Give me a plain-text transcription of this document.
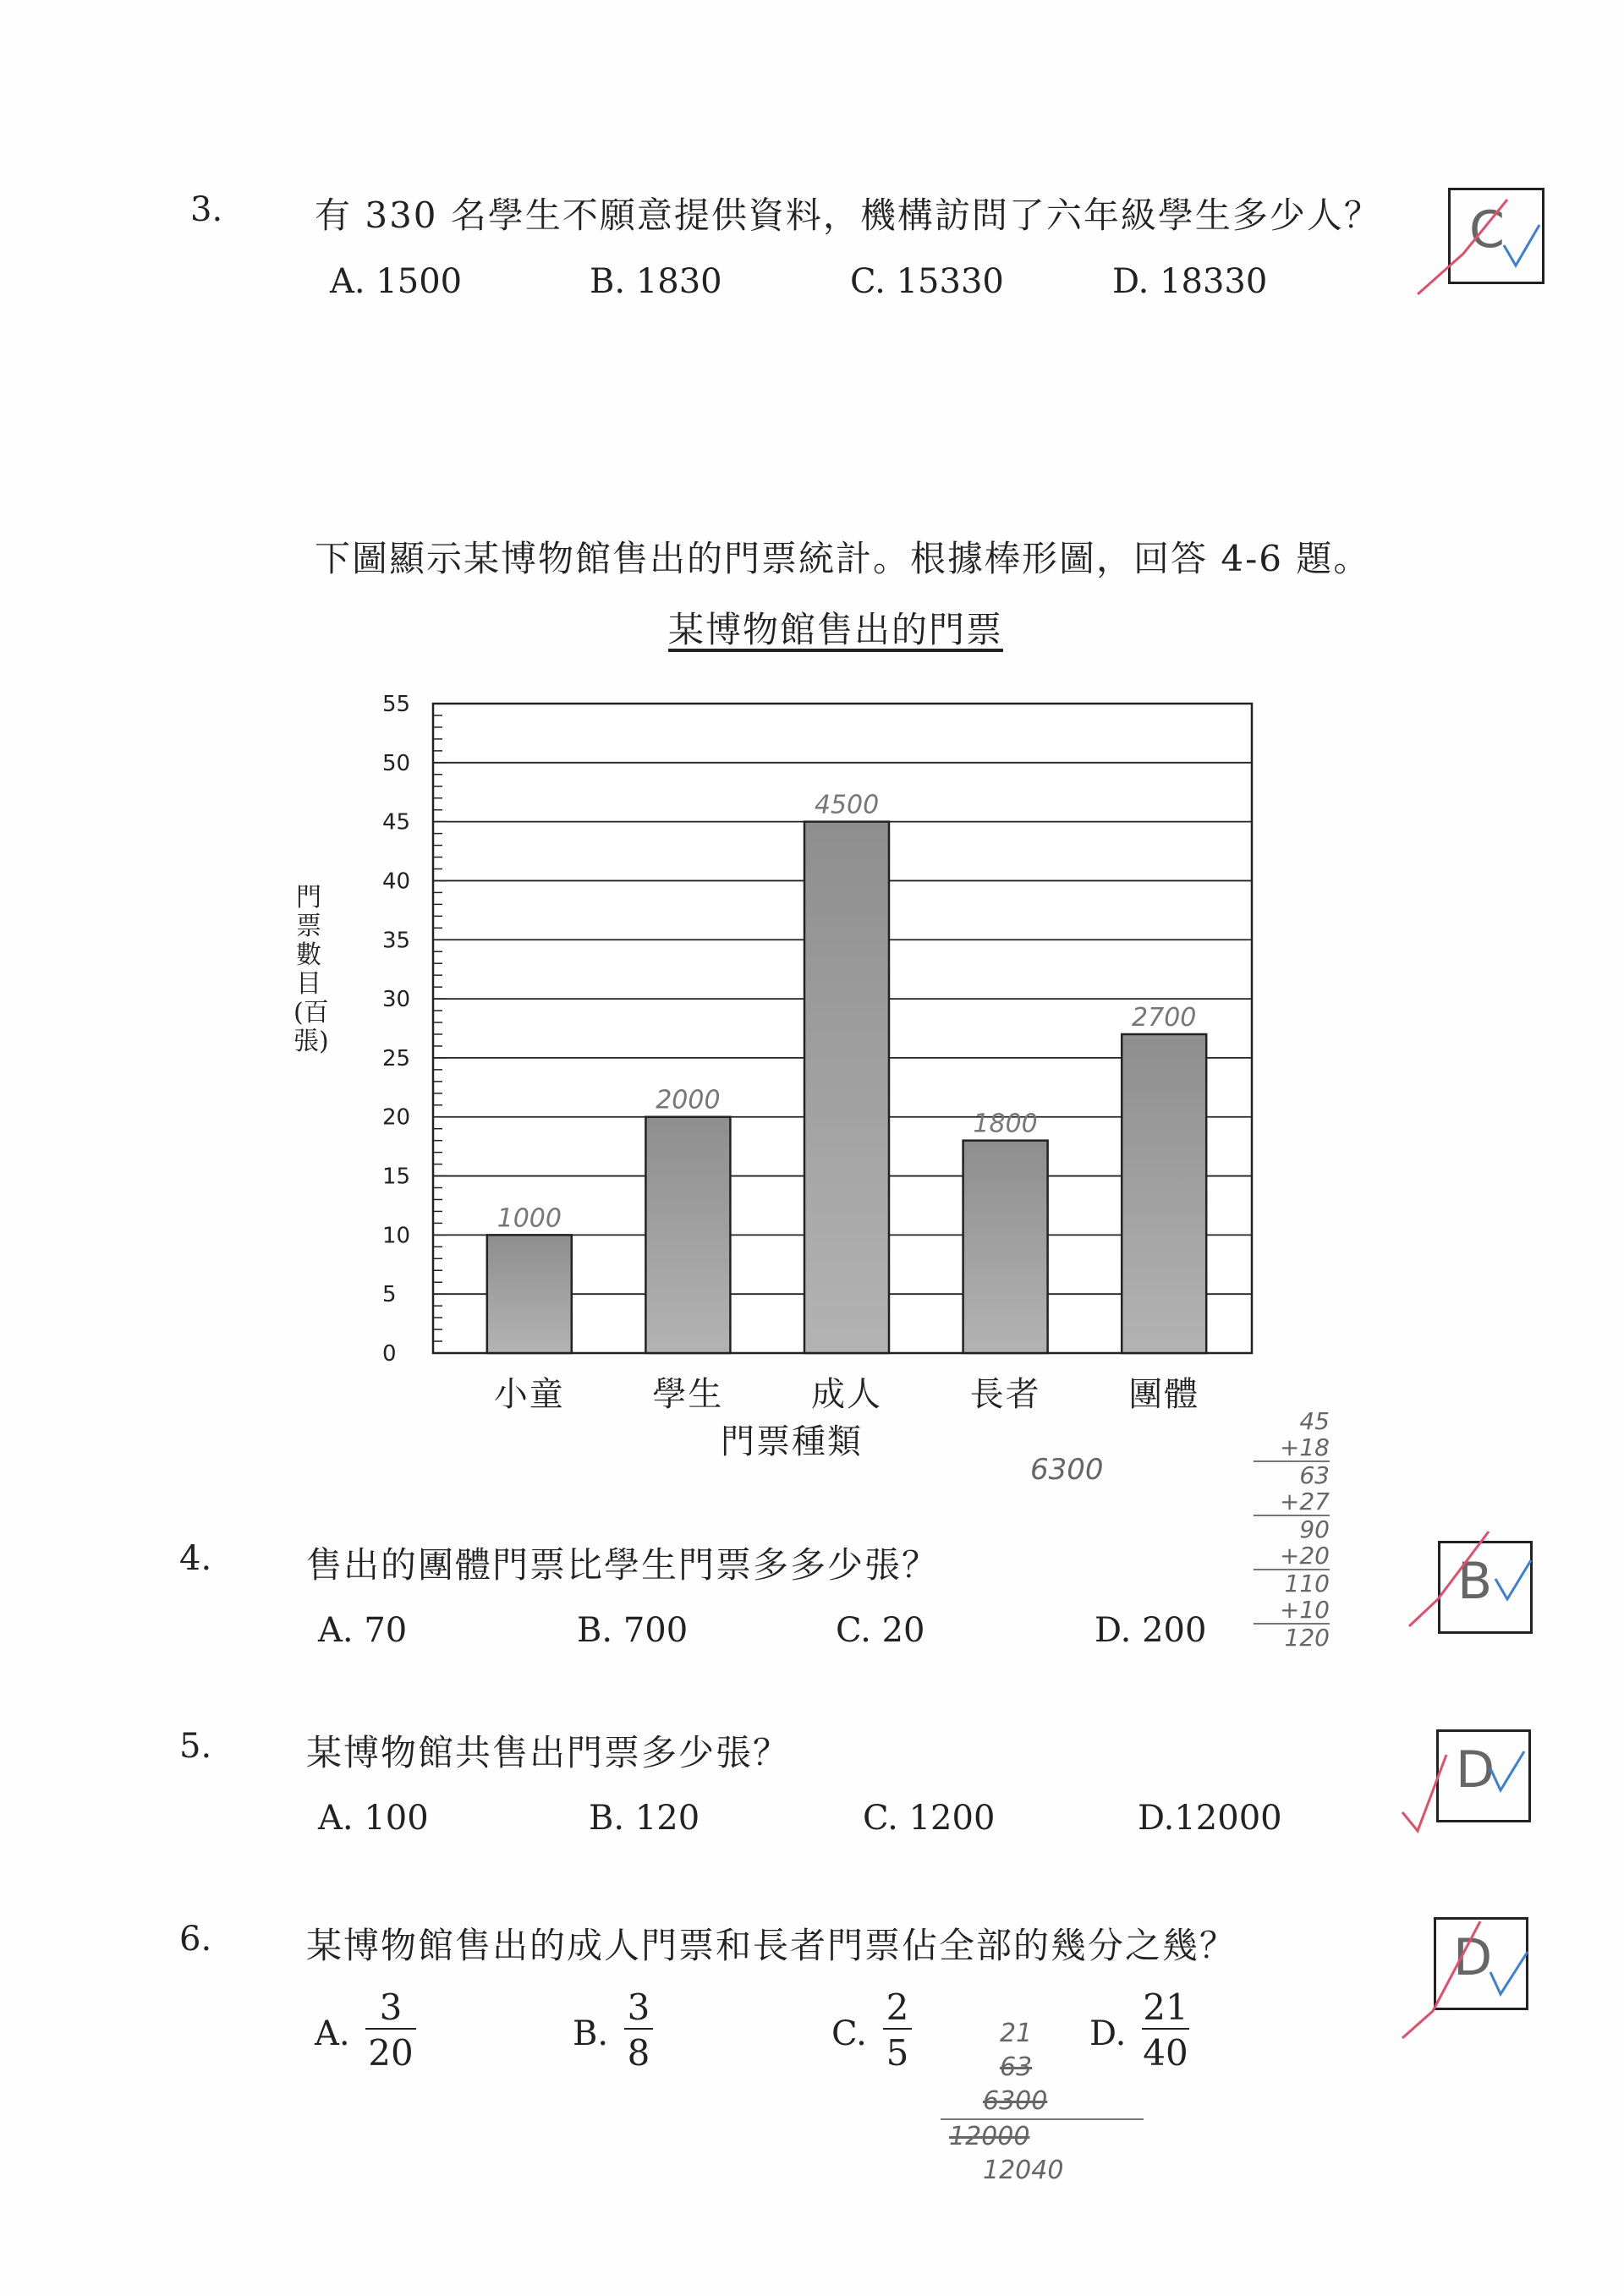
3.	有 330 名學生不願意提供資料，機構訪問了六年級學生多少人？
A. 1500	B. 1830	C. 15330	D. 18330
C
下圖顯示某博物館售出的門票統計。根據棒形圖，回答 4-6 題。
某博物館售出的門票
門票數目(百張)
0
5
10
15
20
25
30
35
40
45
50
55
小童
1000
學生
2000
成人
4500
長者
1800
團體
2700
門票種類
6300
45
+18
63
+27
90
+20
110
+10
120
4.	售出的團體門票比學生門票多多少張？
A. 70	B. 700	C. 20	D. 200
B
5.	某博物館共售出門票多少張？
A. 100	B. 120	C. 1200	D.12000
D
6.	某博物館售出的成人門票和長者門票佔全部的幾分之幾？
A. $\frac{3}{20}$	B. $\frac{3}{8}$	C. $\frac{2}{5}$	D. $\frac{21}{40}$
D
21
63
6300
12000
12040
